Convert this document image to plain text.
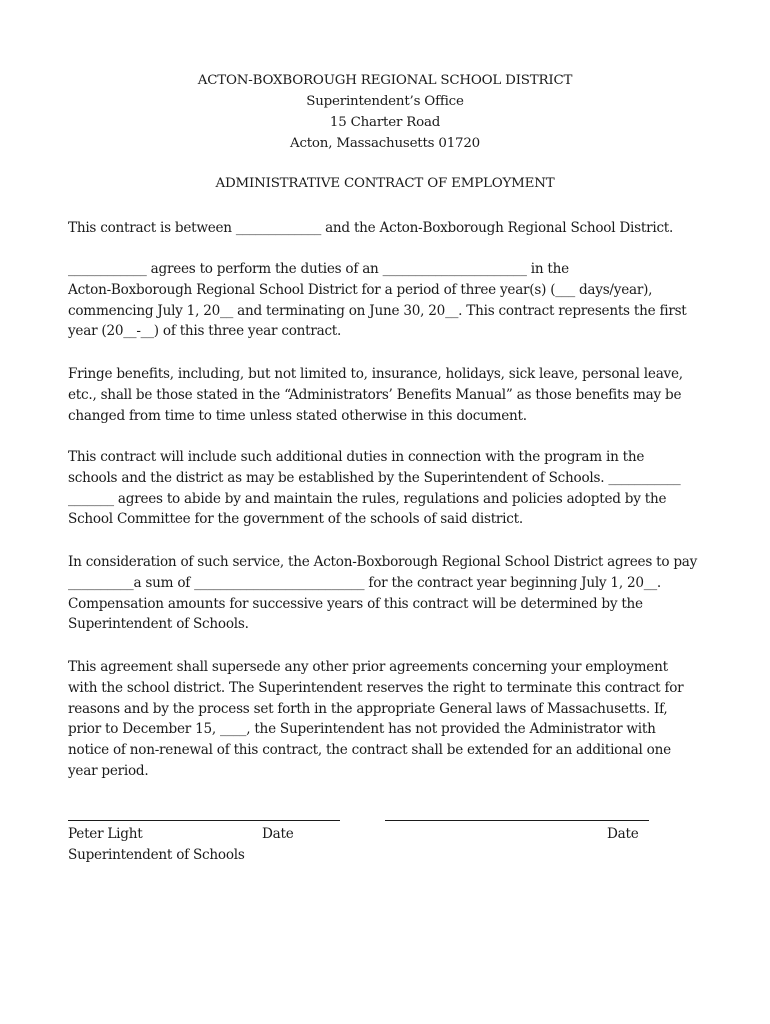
ACTON-BOXBOROUGH REGIONAL SCHOOL DISTRICT
Superintendent’s Office
15 Charter Road
Acton, Massachusetts 01720
ADMINISTRATIVE CONTRACT OF EMPLOYMENT
This contract is between _____________ and the Acton-Boxborough Regional School District.
____________ agrees to perform the duties of an ______________________ in the
Acton-Boxborough Regional School District for a period of three year(s) (___ days/year),
commencing July 1, 20__ and terminating on June 30, 20__. This contract represents the first
year (20__-__) of this three year contract.
Fringe benefits, including, but not limited to, insurance, holidays, sick leave, personal leave,
etc., shall be those stated in the “Administrators’ Benefits Manual” as those benefits may be
changed from time to time unless stated otherwise in this document.
This contract will include such additional duties in connection with the program in the
schools and the district as may be established by the Superintendent of Schools. ___________
_______ agrees to abide by and maintain the rules, regulations and policies adopted by the
School Committee for the government of the schools of said district.
In consideration of such service, the Acton-Boxborough Regional School District agrees to pay
__________a sum of __________________________ for the contract year beginning July 1, 20__.
Compensation amounts for successive years of this contract will be determined by the
Superintendent of Schools.
This agreement shall supersede any other prior agreements concerning your employment
with the school district. The Superintendent reserves the right to terminate this contract for
reasons and by the process set forth in the appropriate General laws of Massachusetts. If,
prior to December 15, ____, the Superintendent has not provided the Administrator with
notice of non-renewal of this contract, the contract shall be extended for an additional one
year period.
Peter Light	Date	Date
Superintendent of Schools
